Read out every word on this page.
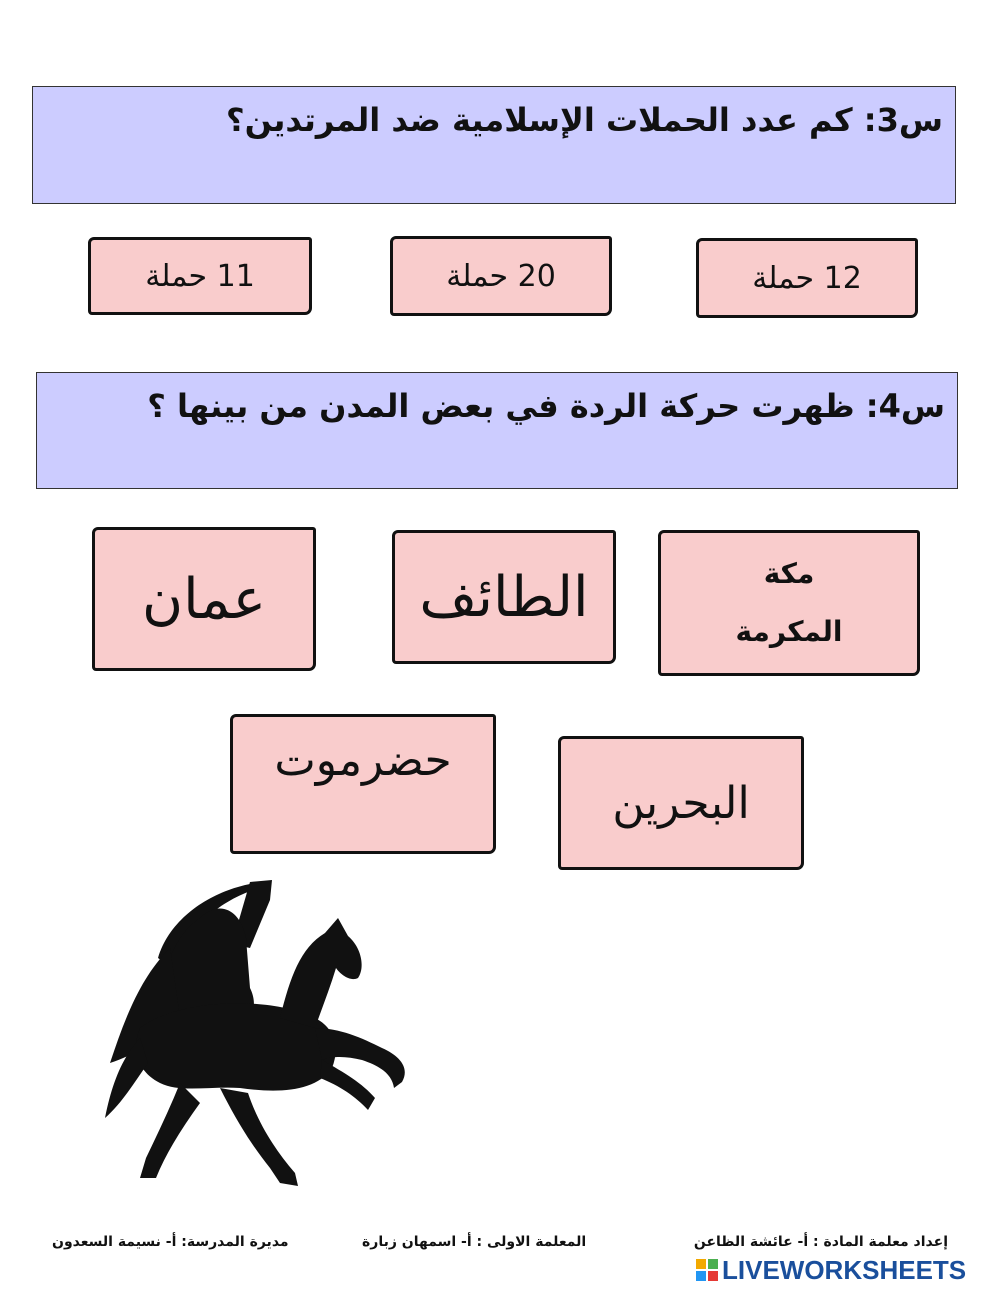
س3: كم عدد الحملات الإسلامية ضد المرتدين؟
12 حملة
20 حملة
11 حملة
س4: ظهرت حركة الردة في بعض المدن من بينها ؟
مكة المكرمة
الطائف
عمان
البحرين
حضرموت
إعداد معلمة المادة : أ- عائشة الظاعن
المعلمة الاولى : أ- اسمهان زبارة
مديرة المدرسة: أ- نسيمة السعدون
LIVEWORKSHEETS
